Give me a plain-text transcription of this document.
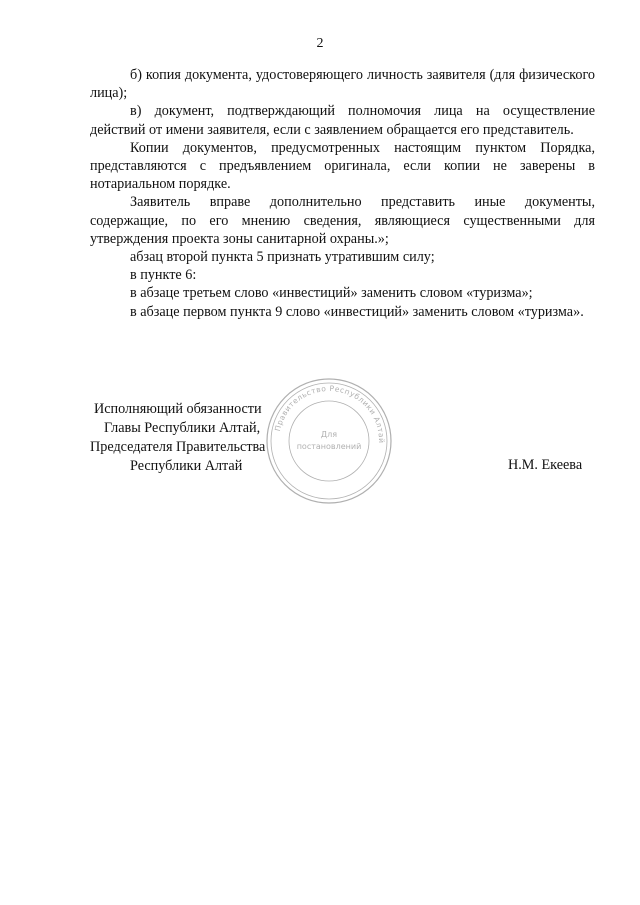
2

б) копия документа, удостоверяющего личность заявителя (для физического лица);

в) документ, подтверждающий полномочия лица на осуществление действий от имени заявителя, если с заявлением обращается его представитель.

Копии документов, предусмотренных настоящим пунктом Порядка, представляются с предъявлением оригинала, если копии не заверены в нотариальном порядке.

Заявитель вправе дополнительно представить иные документы, содержащие, по его мнению сведения, являющиеся существенными для утверждения проекта зоны санитарной охраны.»;

абзац второй пункта 5 признать утратившим силу;

в пункте 6:

в абзаце третьем слово «инвестиций» заменить словом «туризма»;

в абзаце первом пункта 9 слово «инвестиций» заменить словом «туризма».

Правительство Республики Алтай
Для
постановлений
Исполняющий обязанности
Главы Республики Алтай,
Председателя Правительства
Республики Алтай	Н.М. Екеева
